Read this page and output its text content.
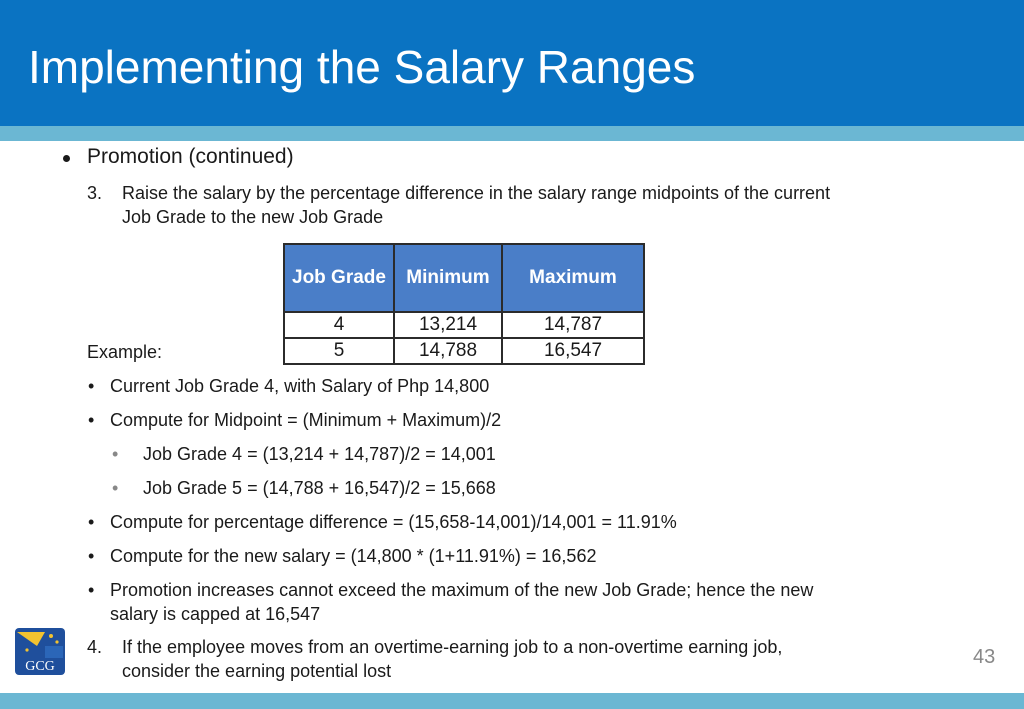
Implementing the Salary Ranges
Promotion (continued)
3. Raise the salary by the percentage difference in the salary range midpoints of the current
Job Grade to the new Job Grade
Job Grade	Minimum	Maximum
4	13,214	14,787
5	14,788	16,547
Example:
• Current Job Grade 4, with Salary of Php 14,800
• Compute for Midpoint = (Minimum + Maximum)/2
• Job Grade 4 = (13,214 + 14,787)/2 = 14,001
• Job Grade 5 = (14,788 + 16,547)/2 = 15,668
• Compute for percentage difference = (15,658-14,001)/14,001 = 11.91%
• Compute for the new salary = (14,800 * (1+11.91%) = 16,562
• Promotion increases cannot exceed the maximum of the new Job Grade; hence the new
salary is capped at 16,547
4. If the employee moves from an overtime-earning job to a non-overtime earning job,
consider the earning potential lost
GCG	43
